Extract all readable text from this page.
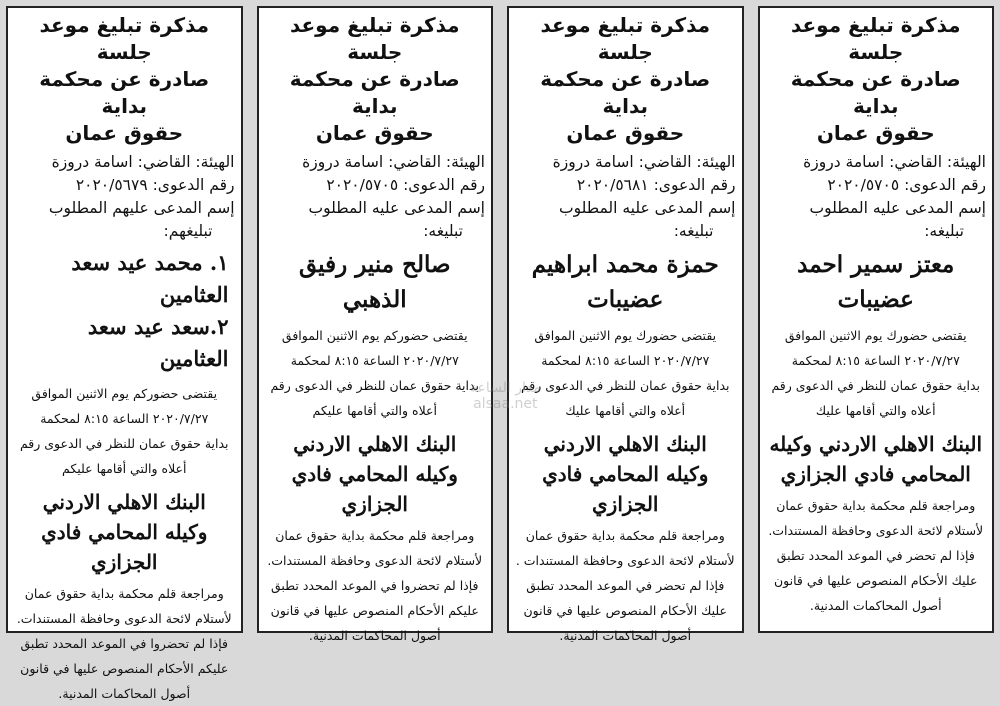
مذكرة تبليغ موعد جلسة
صادرة عن محكمة بداية
حقوق عمان
الهيئة: القاضي: اسامة دروزة
رقم الدعوى: ٢٠٢٠/٥٧٠٥
إسم المدعى عليه المطلوب
تبليغه:
معتز سمير احمد عضيبات
يقتضى حضورك يوم الاثنين الموافق
٢٠٢٠/٧/٢٧ الساعة ٨:١٥ لمحكمة
بداية حقوق عمان للنظر في الدعوى رقم
أعلاه والتي أقامها عليك
البنك الاهلي الاردني وكيله
المحامي فادي الجزازي
ومراجعة قلم محكمة بداية حقوق عمان
لأستلام لائحة الدعوى وحافظة المستندات.
فإذا لم تحضر في الموعد المحدد تطبق
عليك الأحكام المنصوص عليها في قانون
أصول المحاكمات المدنية.
مذكرة تبليغ موعد جلسة
صادرة عن محكمة بداية
حقوق عمان
الهيئة: القاضي: اسامة دروزة
رقم الدعوى: ٢٠٢٠/٥٦٨١
إسم المدعى عليه المطلوب
تبليغه:
حمزة محمد ابراهيم عضيبات
يقتضى حضورك يوم الاثنين الموافق
٢٠٢٠/٧/٢٧ الساعة ٨:١٥ لمحكمة
بداية حقوق عمان للنظر في الدعوى رقم
أعلاه والتي أقامها عليك
البنك الاهلي الاردني
وكيله المحامي فادي الجزازي
ومراجعة قلم محكمة بداية حقوق عمان
لأستلام لائحة الدعوى وحافظة المستندات .
فإذا لم تحضر في الموعد المحدد تطبق
عليك الأحكام المنصوص عليها في قانون
أصول المحاكمات المدنية.
مذكرة تبليغ موعد جلسة
صادرة عن محكمة بداية
حقوق عمان
الهيئة: القاضي: اسامة دروزة
رقم الدعوى: ٢٠٢٠/٥٧٠٥
إسم المدعى عليه المطلوب
تبليغه:
صالح منير رفيق الذهبي
يقتضى حضوركم يوم الاثنين الموافق
٢٠٢٠/٧/٢٧ الساعة ٨:١٥ لمحكمة
بداية حقوق عمان للنظر في الدعوى رقم
أعلاه والتي أقامها عليكم
البنك الاهلي الاردني
وكيله المحامي فادي الجزازي
ومراجعة قلم محكمة بداية حقوق عمان
لأستلام لائحة الدعوى وحافظة المستندات.
فإذا لم تحضروا في الموعد المحدد تطبق
عليكم الأحكام المنصوص عليها في قانون
أصول المحاكمات المدنية.
مذكرة تبليغ موعد جلسة
صادرة عن محكمة بداية
حقوق عمان
الهيئة: القاضي: اسامة دروزة
رقم الدعوى: ٢٠٢٠/٥٦٧٩
إسم المدعى عليهم المطلوب
تبليغهم:
١. محمد عيد سعد العثامين
٢.سعد عيد سعد العثامين
يقتضى حضوركم يوم الاثنين الموافق
٢٠٢٠/٧/٢٧ الساعة ٨:١٥ لمحكمة
بداية حقوق عمان للنظر في الدعوى رقم
أعلاه والتي أقامها عليكم
البنك الاهلي الاردني
وكيله المحامي فادي الجزازي
ومراجعة قلم محكمة بداية حقوق عمان
لأستلام لائحة الدعوى وحافظة المستندات.
فإذا لم تحضروا في الموعد المحدد تطبق
عليكم الأحكام المنصوص عليها في قانون
أصول المحاكمات المدنية.
مدار الساعة
alsaa.net
